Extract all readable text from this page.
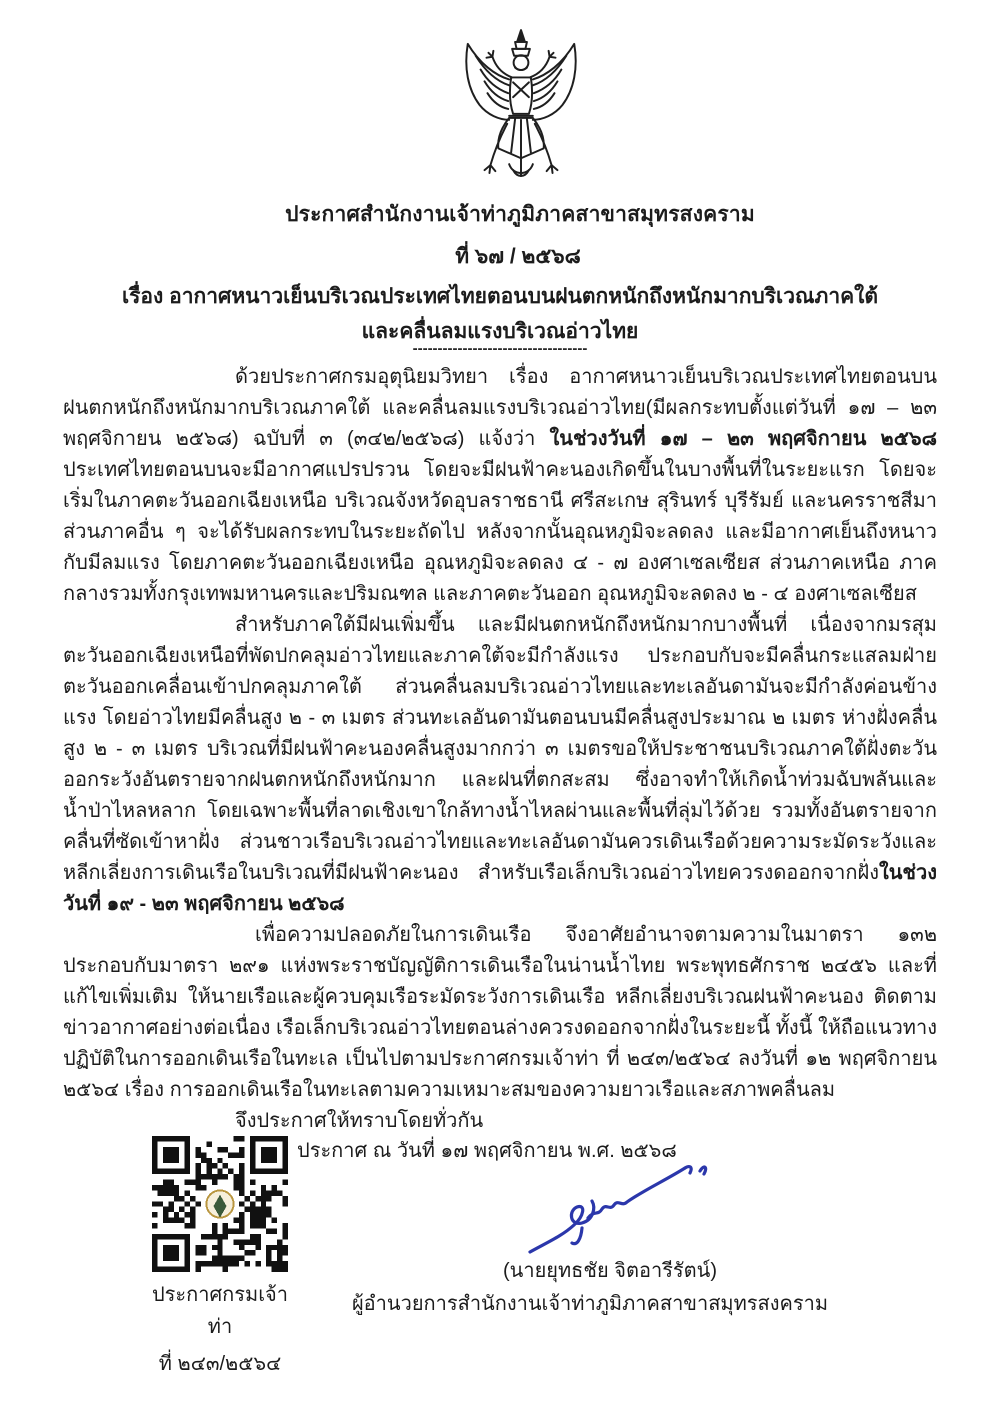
ประกาศสำนักงานเจ้าท่าภูมิภาคสาขาสมุทรสงคราม
ที่ ๖๗ / ๒๕๖๘
เรื่อง อากาศหนาวเย็นบริเวณประเทศไทยตอนบนฝนตกหนักถึงหนักมากบริเวณภาคใต้
และคลื่นลมแรงบริเวณอ่าวไทย
-----------------------------------

ด้วยประกาศกรมอุตุนิยมวิทยา เรื่อง อากาศหนาวเย็นบริเวณประเทศไทยตอนบน ฝนตกหนักถึงหนักมากบริเวณภาคใต้ และคลื่นลมแรงบริเวณอ่าวไทย(มีผลกระทบตั้งแต่วันที่ ๑๗ – ๒๓ พฤศจิกายน ๒๕๖๘) ฉบับที่ ๓ (๓๔๒/๒๕๖๘) แจ้งว่า ในช่วงวันที่ ๑๗ – ๒๓ พฤศจิกายน ๒๕๖๘ ประเทศไทยตอนบนจะมีอากาศแปรปรวน โดยจะมีฝนฟ้าคะนองเกิดขึ้นในบางพื้นที่ในระยะแรก โดยจะเริ่มในภาคตะวันออกเฉียงเหนือ บริเวณจังหวัดอุบลราชธานี ศรีสะเกษ สุรินทร์ บุรีรัมย์ และนครราชสีมา ส่วนภาคอื่น ๆ จะได้รับผลกระทบในระยะถัดไป หลังจากนั้นอุณหภูมิจะลดลง และมีอากาศเย็นถึงหนาว กับมีลมแรง โดยภาคตะวันออกเฉียงเหนือ อุณหภูมิจะลดลง ๔ - ๗ องศาเซลเซียส ส่วนภาคเหนือ ภาคกลางรวมทั้งกรุงเทพมหานครและปริมณฑล และภาคตะวันออก อุณหภูมิจะลดลง ๒ - ๔ องศาเซลเซียส

สำหรับภาคใต้มีฝนเพิ่มขึ้น และมีฝนตกหนักถึงหนักมากบางพื้นที่ เนื่องจากมรสุมตะวันออกเฉียงเหนือที่พัดปกคลุมอ่าวไทยและภาคใต้จะมีกำลังแรง ประกอบกับจะมีคลื่นกระแสลมฝ่ายตะวันออกเคลื่อนเข้าปกคลุมภาคใต้ ส่วนคลื่นลมบริเวณอ่าวไทยและทะเลอันดามันจะมีกำลังค่อนข้างแรง โดยอ่าวไทยมีคลื่นสูง ๒ - ๓ เมตร ส่วนทะเลอันดามันตอนบนมีคลื่นสูงประมาณ ๒ เมตร ห่างฝั่งคลื่นสูง ๒ - ๓ เมตร บริเวณที่มีฝนฟ้าคะนองคลื่นสูงมากกว่า ๓ เมตรขอให้ประชาชนบริเวณภาคใต้ฝั่งตะวันออกระวังอันตรายจากฝนตกหนักถึงหนักมาก และฝนที่ตกสะสม ซึ่งอาจทำให้เกิดน้ำท่วมฉับพลันและน้ำป่าไหลหลาก โดยเฉพาะพื้นที่ลาดเชิงเขาใกล้ทางน้ำไหลผ่านและพื้นที่ลุ่มไว้ด้วย รวมทั้งอันตรายจากคลื่นที่ซัดเข้าหาฝั่ง ส่วนชาวเรือบริเวณอ่าวไทยและทะเลอันดามันควรเดินเรือด้วยความระมัดระวังและหลีกเลี่ยงการเดินเรือในบริเวณที่มีฝนฟ้าคะนอง สำหรับเรือเล็กบริเวณอ่าวไทยควรงดออกจากฝั่งในช่วงวันที่ ๑๙ - ๒๓ พฤศจิกายน ๒๕๖๘

เพื่อความปลอดภัยในการเดินเรือ จึงอาศัยอำนาจตามความในมาตรา ๑๓๒ ประกอบกับมาตรา ๒๙๑ แห่งพระราชบัญญัติการเดินเรือในน่านน้ำไทย พระพุทธศักราช ๒๔๕๖ และที่แก้ไขเพิ่มเติม ให้นายเรือและผู้ควบคุมเรือระมัดระวังการเดินเรือ หลีกเลี่ยงบริเวณฝนฟ้าคะนอง ติดตามข่าวอากาศอย่างต่อเนื่อง เรือเล็กบริเวณอ่าวไทยตอนล่างควรงดออกจากฝั่งในระยะนี้ ทั้งนี้ ให้ถือแนวทางปฏิบัติในการออกเดินเรือในทะเล เป็นไปตามประกาศกรมเจ้าท่า ที่ ๒๔๓/๒๕๖๔ ลงวันที่ ๑๒ พฤศจิกายน ๒๕๖๔ เรื่อง การออกเดินเรือในทะเลตามความเหมาะสมของความยาวเรือและสภาพคลื่นลม

จึงประกาศให้ทราบโดยทั่วกัน

ประกาศ ณ วันที่ ๑๗ พฤศจิกายน พ.ศ. ๒๕๖๘
(นายยุทธชัย จิตอารีรัตน์)
ผู้อำนวยการสำนักงานเจ้าท่าภูมิภาคสาขาสมุทรสงคราม
ประกาศกรมเจ้าท่า
ที่ ๒๔๓/๒๕๖๔
